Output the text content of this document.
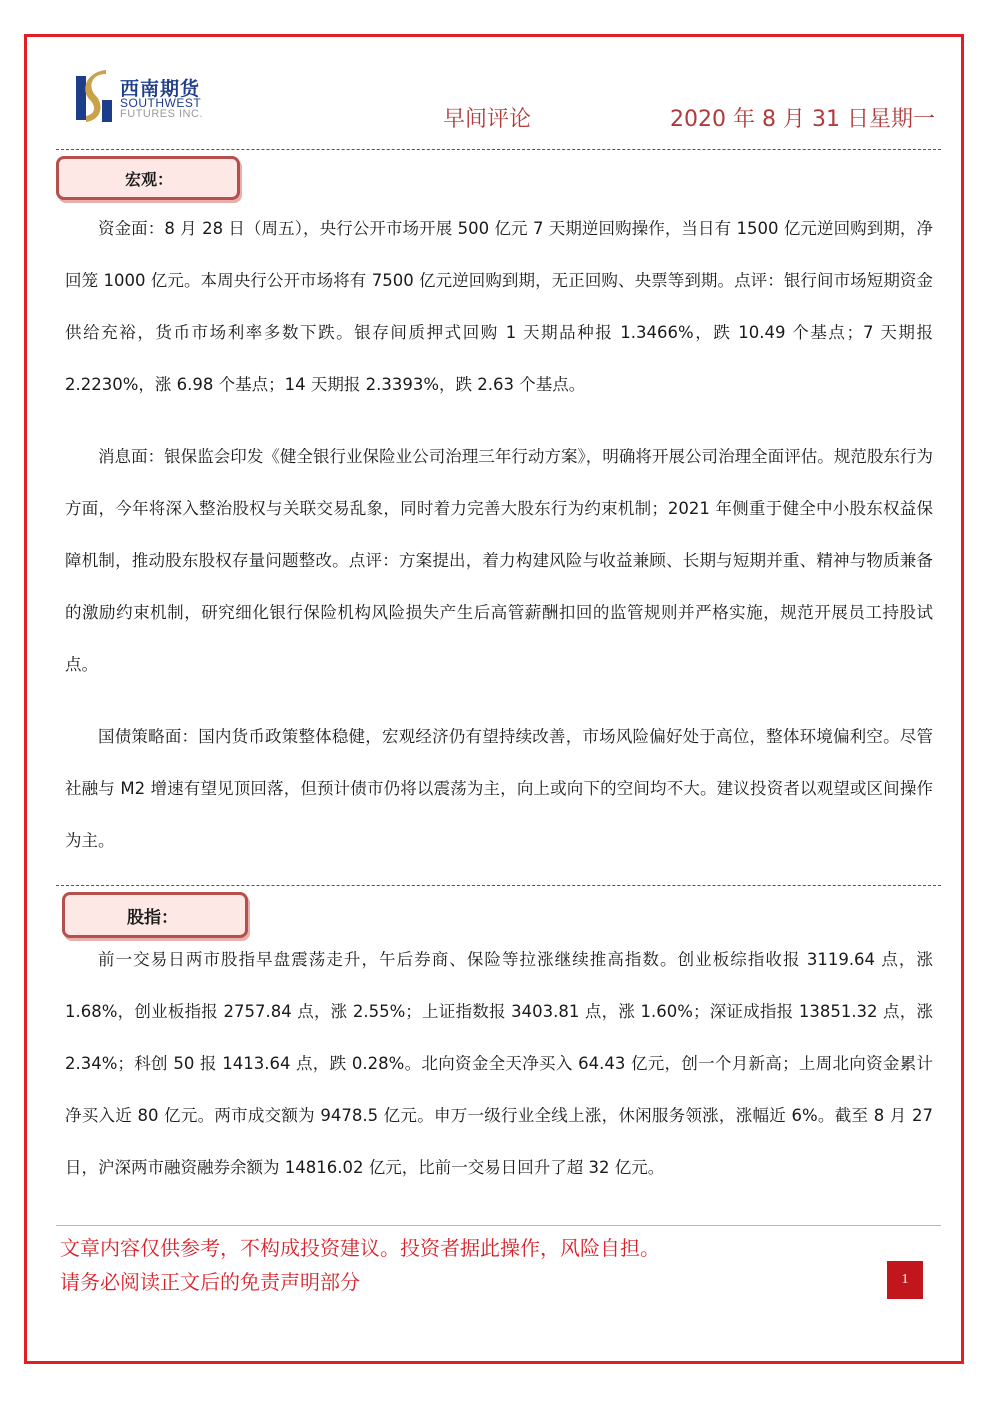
西南期货
SOUTHWEST
FUTURES INC.	早间评论	2020 年 8 月 31 日星期一
宏观：

资金面：8 月 28 日（周五），央行公开市场开展 500 亿元 7 天期逆回购操作，当日有 1500 亿元逆回购到期，净回笼 1000 亿元。本周央行公开市场将有 7500 亿元逆回购到期，无正回购、央票等到期。点评：银行间市场短期资金供给充裕，货币市场利率多数下跌。银存间质押式回购 1 天期品种报 1.3466%，跌 10.49 个基点；7 天期报 2.2230%，涨 6.98 个基点；14 天期报 2.3393%，跌 2.63 个基点。

消息面：银保监会印发《健全银行业保险业公司治理三年行动方案》，明确将开展公司治理全面评估。规范股东行为方面，今年将深入整治股权与关联交易乱象，同时着力完善大股东行为约束机制；2021 年侧重于健全中小股东权益保障机制，推动股东股权存量问题整改。点评：方案提出，着力构建风险与收益兼顾、长期与短期并重、精神与物质兼备的激励约束机制，研究细化银行保险机构风险损失产生后高管薪酬扣回的监管规则并严格实施，规范开展员工持股试点。

国债策略面：国内货币政策整体稳健，宏观经济仍有望持续改善，市场风险偏好处于高位，整体环境偏利空。尽管社融与 M2 增速有望见顶回落，但预计债市仍将以震荡为主，向上或向下的空间均不大。建议投资者以观望或区间操作为主。

股指：

前一交易日两市股指早盘震荡走升，午后券商、保险等拉涨继续推高指数。创业板综指收报 3119.64 点，涨 1.68%，创业板指报 2757.84 点，涨 2.55%；上证指数报 3403.81 点，涨 1.60%；深证成指报 13851.32 点，涨 2.34%；科创 50 报 1413.64 点，跌 0.28%。北向资金全天净买入 64.43 亿元，创一个月新高；上周北向资金累计净买入近 80 亿元。两市成交额为 9478.5 亿元。申万一级行业全线上涨，休闲服务领涨，涨幅近 6%。截至 8 月 27 日，沪深两市融资融券余额为 14816.02 亿元，比前一交易日回升了超 32 亿元。

文章内容仅供参考，不构成投资建议。投资者据此操作，风险自担。
请务必阅读正文后的免责声明部分	1
